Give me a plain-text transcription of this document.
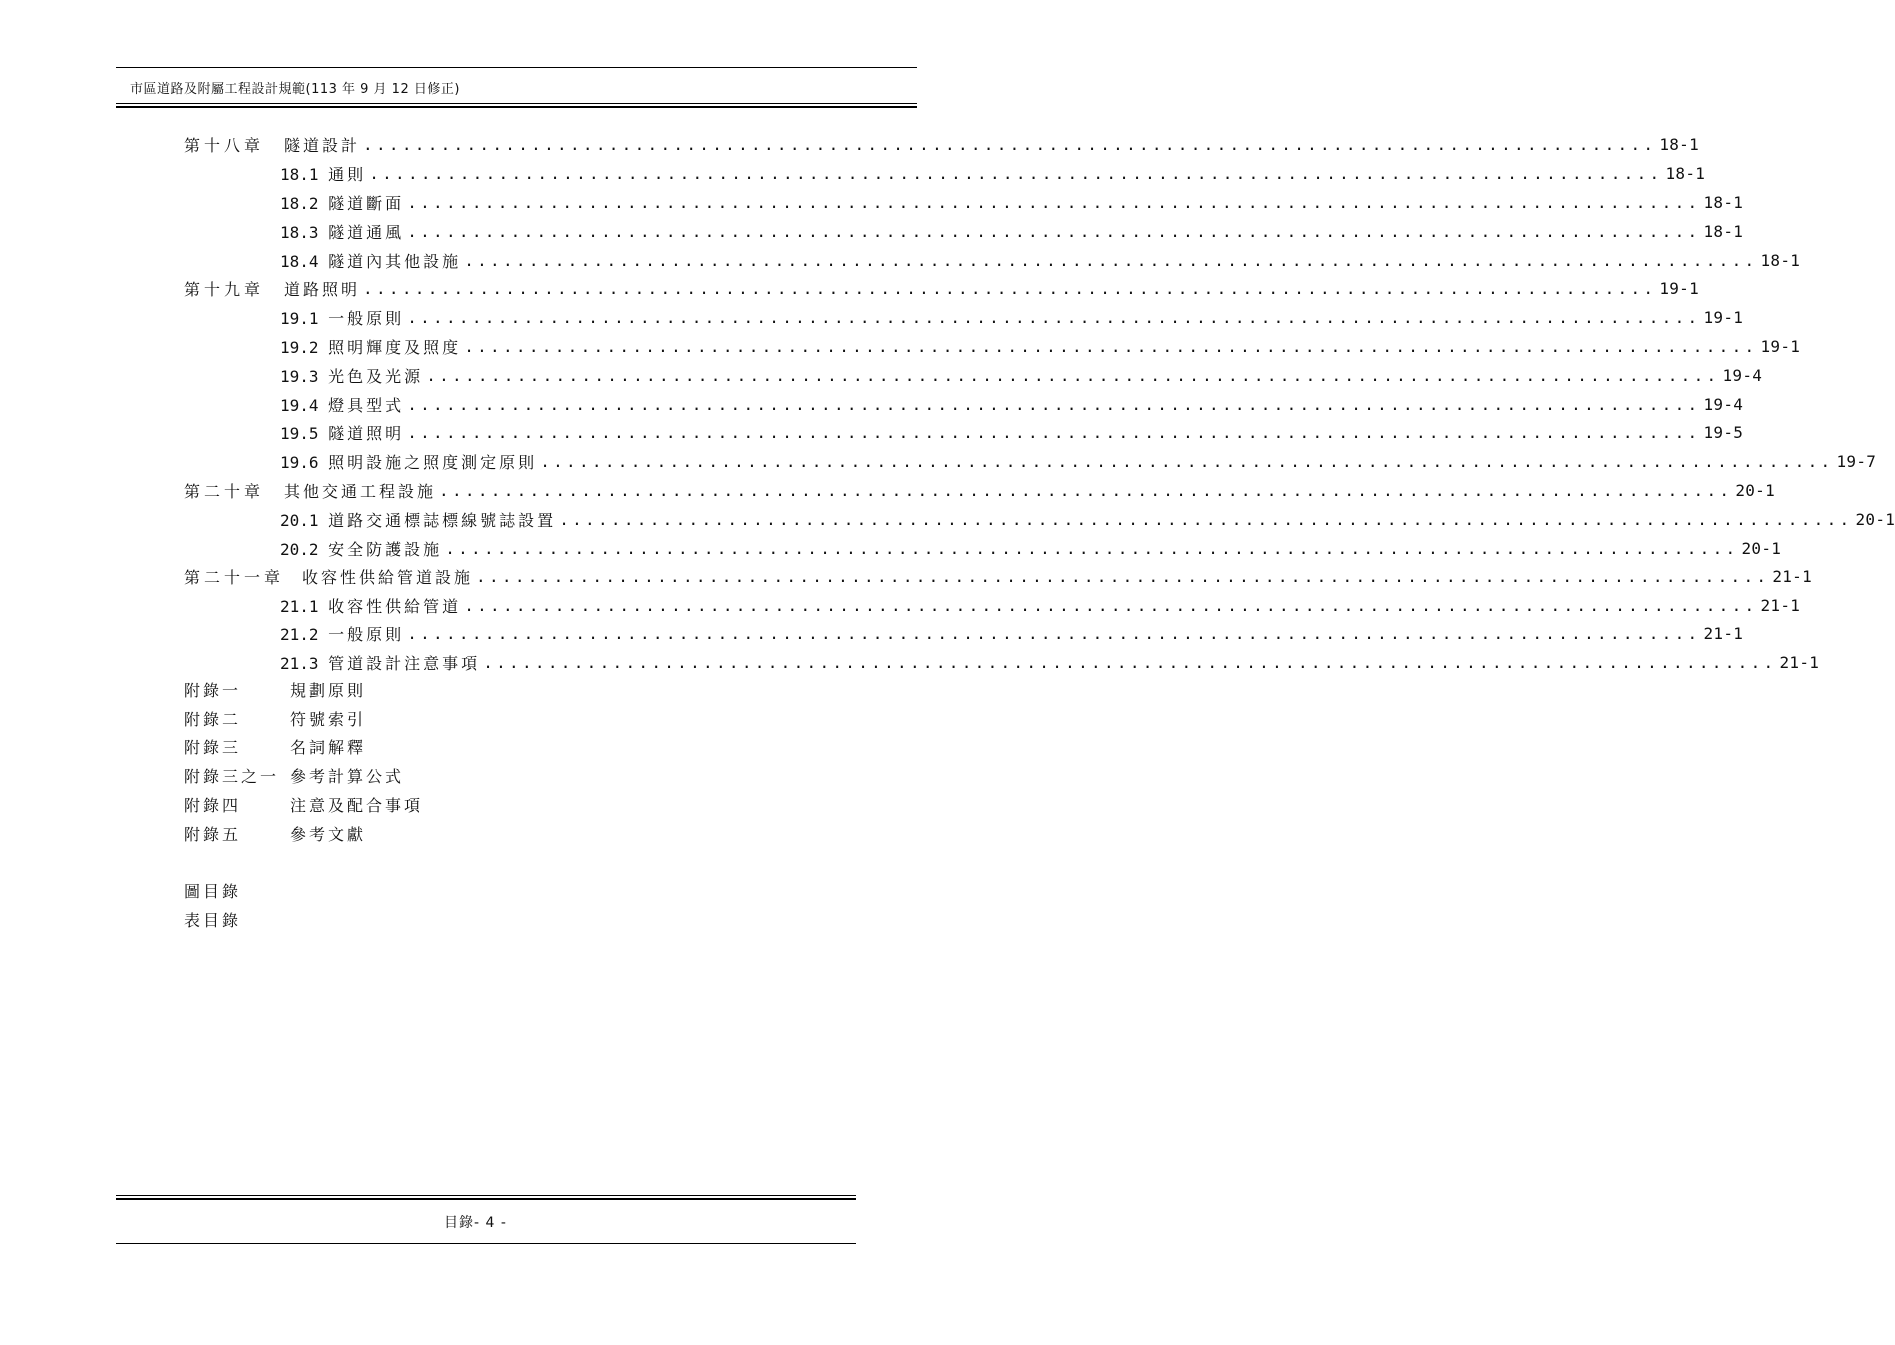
市區道路及附屬工程設計規範(113 年 9 月 12 日修正)
第十八章 隧道設計 .................................................................................................... 18-1
18.1 通則 .................................................................................................... 18-1
18.2 隧道斷面 .................................................................................................... 18-1
18.3 隧道通風 .................................................................................................... 18-1
18.4 隧道內其他設施 .................................................................................................... 18-1
第十九章 道路照明 .................................................................................................... 19-1
19.1 一般原則 .................................................................................................... 19-1
19.2 照明輝度及照度 .................................................................................................... 19-1
19.3 光色及光源 .................................................................................................... 19-4
19.4 燈具型式 .................................................................................................... 19-4
19.5 隧道照明 .................................................................................................... 19-5
19.6 照明設施之照度測定原則 .................................................................................................... 19-7
第二十章 其他交通工程設施 .................................................................................................... 20-1
20.1 道路交通標誌標線號誌設置 .................................................................................................... 20-1
20.2 安全防護設施 .................................................................................................... 20-1
第二十一章 收容性供給管道設施 .................................................................................................... 21-1
21.1 收容性供給管道 .................................................................................................... 21-1
21.2 一般原則 .................................................................................................... 21-1
21.3 管道設計注意事項 .................................................................................................... 21-1
附錄一	規劃原則
附錄二	符號索引
附錄三	名詞解釋
附錄三之一 參考計算公式
附錄四	注意及配合事項
附錄五	參考文獻
圖目錄
表目錄
目錄- 4 -
